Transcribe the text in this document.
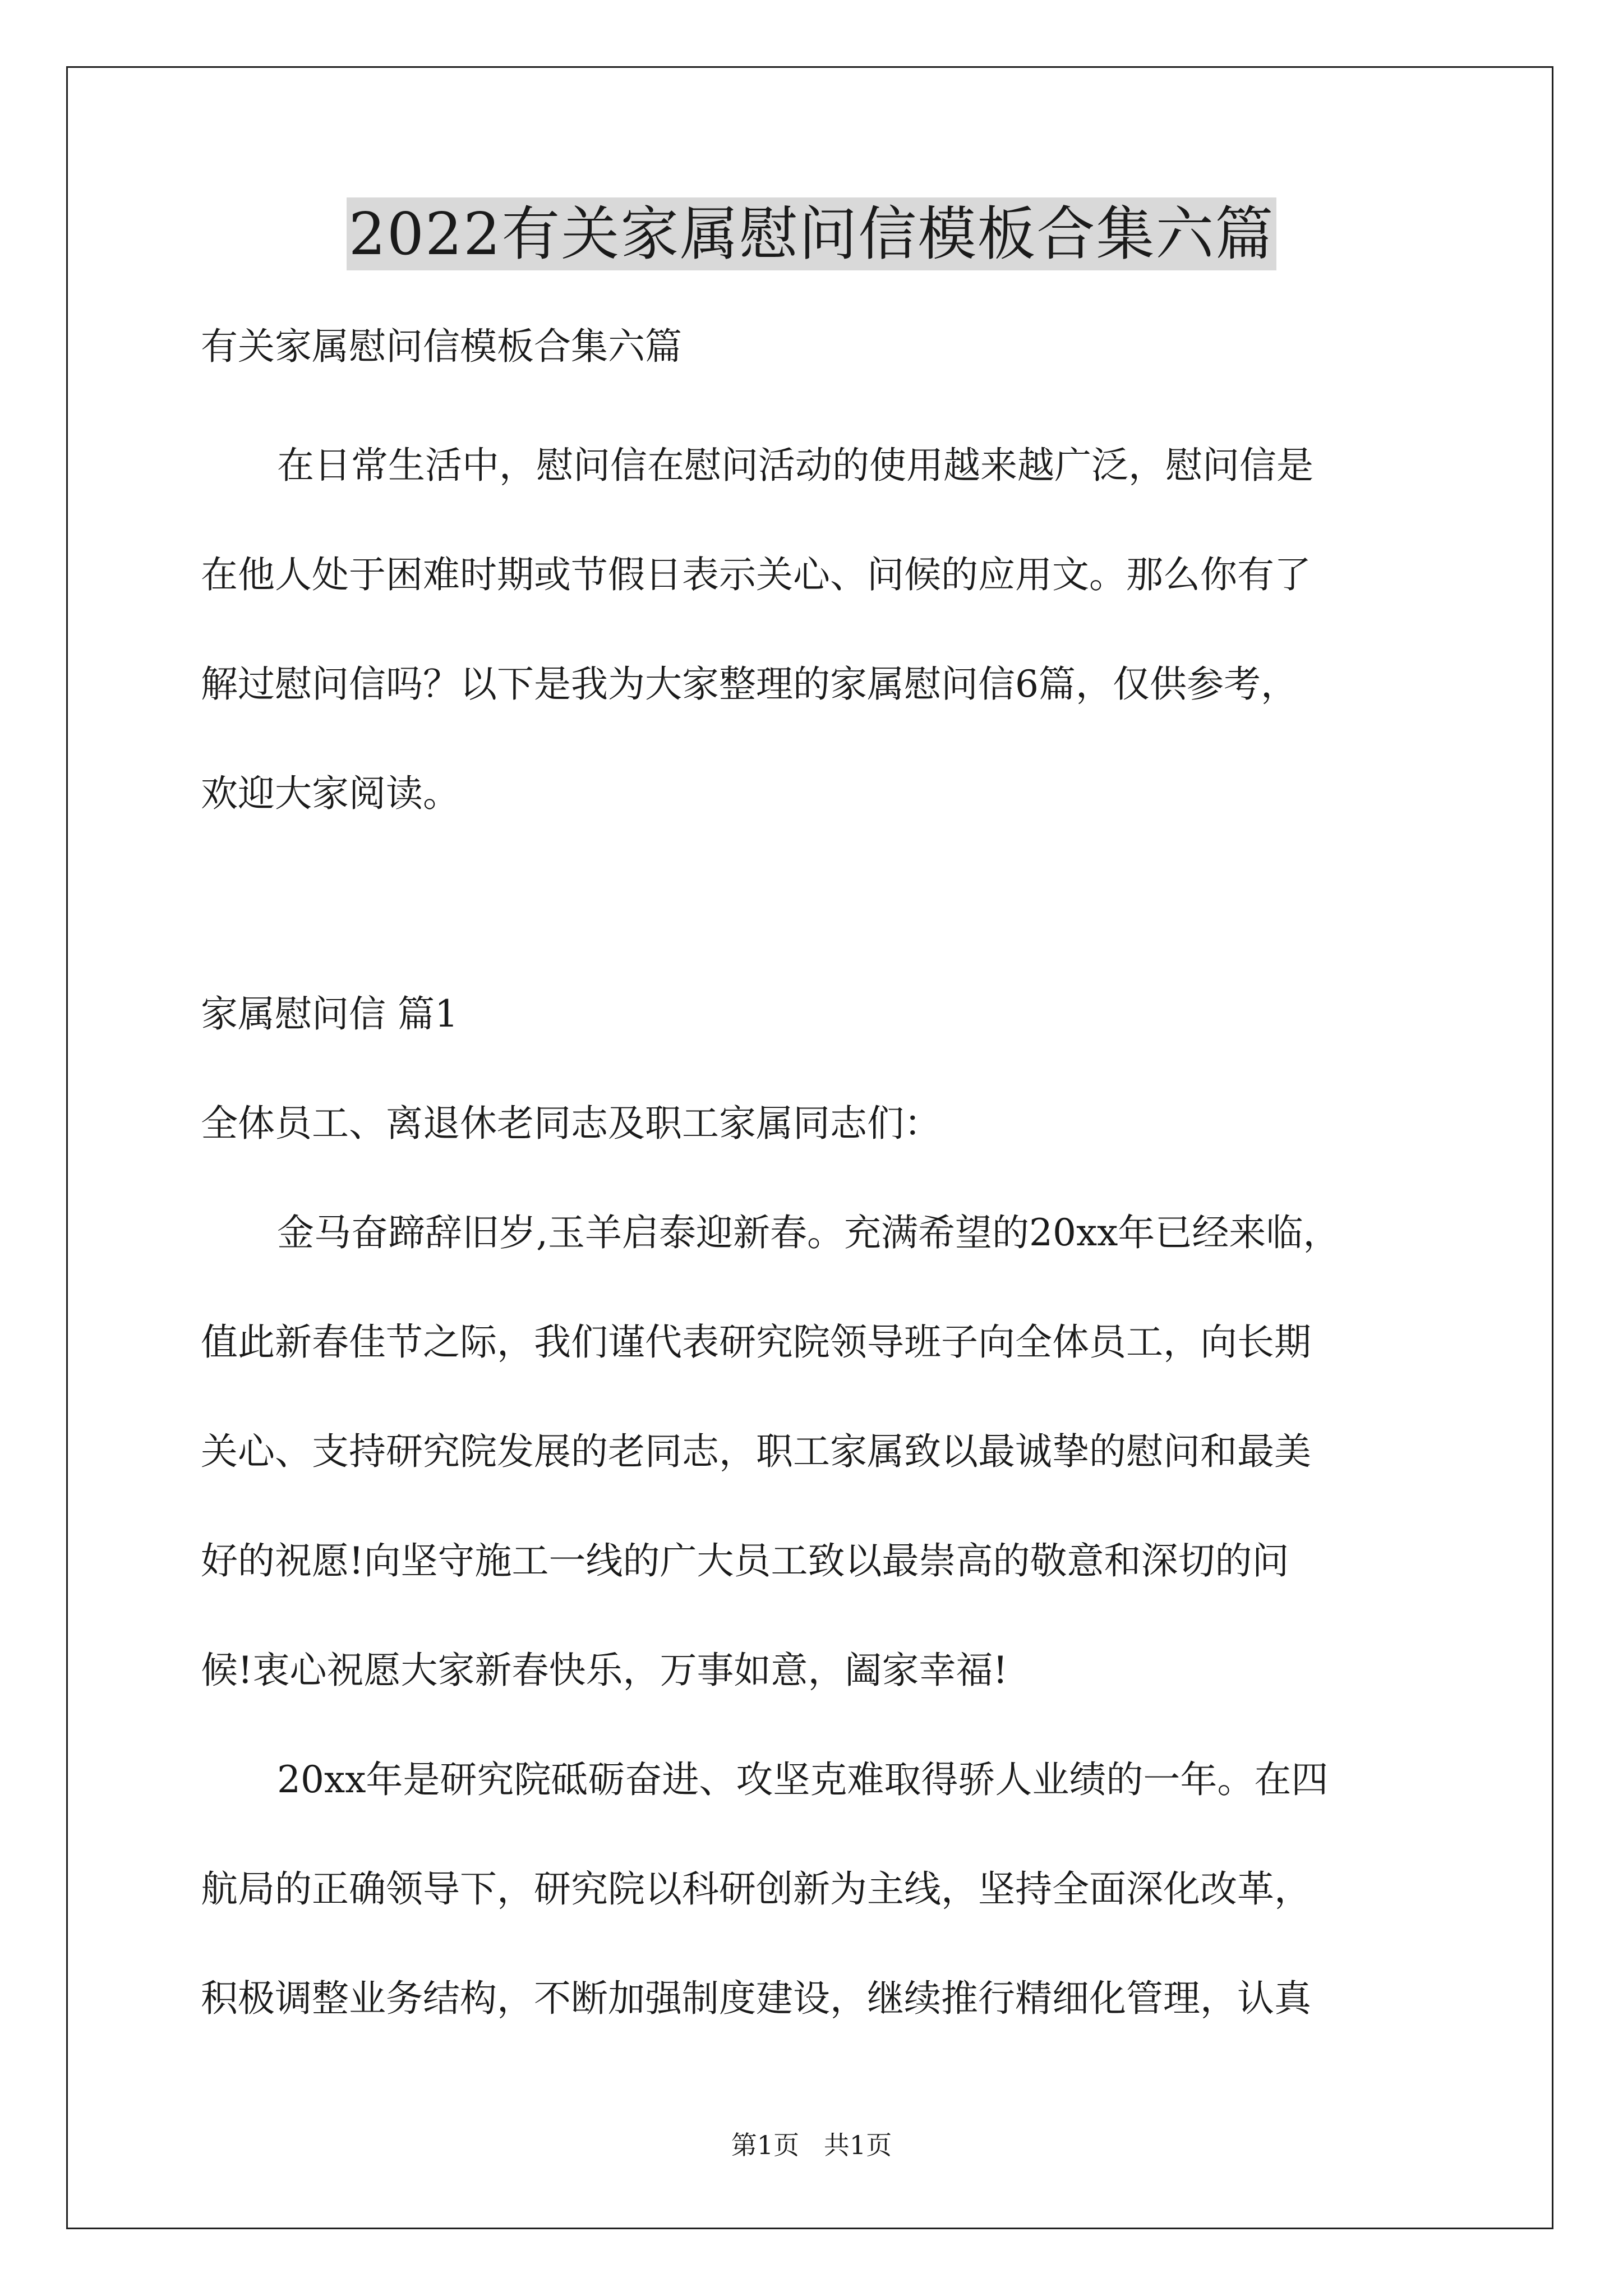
2022有关家属慰问信模板合集六篇
有关家属慰问信模板合集六篇
在日常生活中，慰问信在慰问活动的使用越来越广泛，慰问信是
在他人处于困难时期或节假日表示关心、问候的应用文。那么你有了
解过慰问信吗？以下是我为大家整理的家属慰问信6篇，仅供参考，
欢迎大家阅读。
家属慰问信 篇1
全体员工、离退休老同志及职工家属同志们：
金马奋蹄辞旧岁,玉羊启泰迎新春。充满希望的20xx年已经来临，
值此新春佳节之际，我们谨代表研究院领导班子向全体员工，向长期
关心、支持研究院发展的老同志，职工家属致以最诚挚的慰问和最美
好的祝愿!向坚守施工一线的广大员工致以最崇高的敬意和深切的问
候!衷心祝愿大家新春快乐，万事如意，阖家幸福!
20xx年是研究院砥砺奋进、攻坚克难取得骄人业绩的一年。在四
航局的正确领导下，研究院以科研创新为主线，坚持全面深化改革，
积极调整业务结构，不断加强制度建设，继续推行精细化管理，认真
第1页   共1页
